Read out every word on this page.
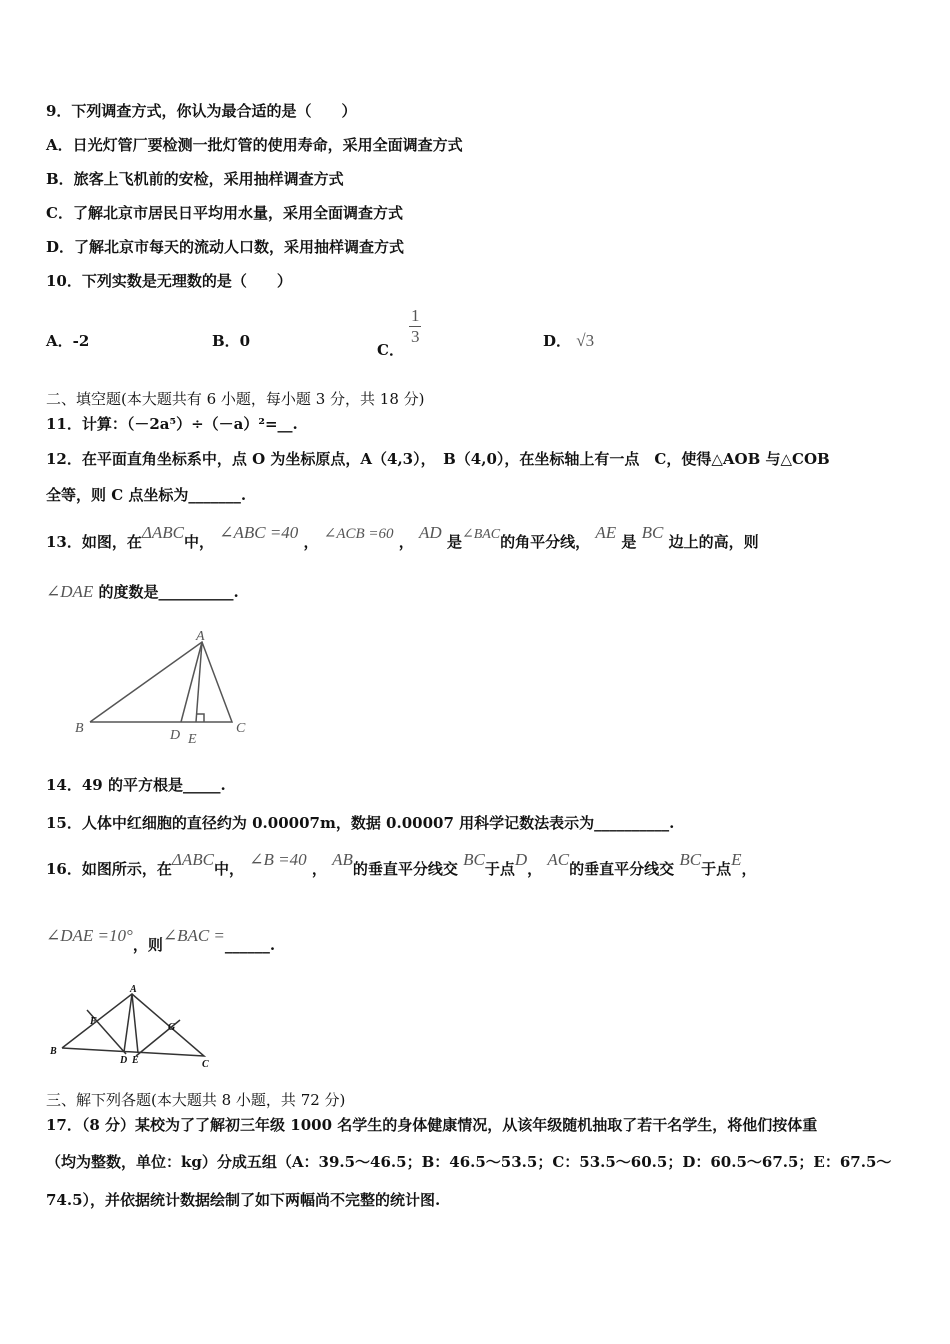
9．下列调查方式，你认为最合适的是（　　）
A．日光灯管厂要检测一批灯管的使用寿命，采用全面调查方式
B．旅客上飞机前的安检，采用抽样调查方式
C．了解北京市居民日平均用水量，采用全面调查方式
D．了解北京市每天的流动人口数，采用抽样调查方式
10．下列实数是无理数的是（　　）
A．-2	B．0	C．
$\frac{1}{3}$	D． √3
二、填空题(本大题共有 6 小题，每小题 3 分，共 18 分)
11．计算：（－2a⁵）÷（－a）²=__.
12．在平面直角坐标系中，点 O 为坐标原点，A（4,3），　B（4,0），在坐标轴上有一点　C，使得△AOB 与△COB
全等，则 C 点坐标为_______.
13．如图，在ΔABC中， ∠ABC =40 ， ∠ACB =60 ， AD 是∠BAC的角平分线， AE 是 BC 边上的高，则
∠DAE 的度数是__________.
A
B	C
D E
14．49 的平方根是_____.
15．人体中红细胞的直径约为 0.00007m，数据 0.00007 用科学记数法表示为__________.
16．如图所示，在ΔABC中， ∠B =40 ， AB的垂直平分线交 BC于点D， AC的垂直平分线交 BC于点E，
∠DAE =10°，则∠BAC =______.
A
B
C
D E
F
G
三、解下列各题(本大题共 8 小题，共 72 分)
17．（8 分）某校为了了解初三年级 1000 名学生的身体健康情况，从该年级随机抽取了若干名学生，将他们按体重
（均为整数，单位：kg）分成五组（A：39.5～46.5；B：46.5～53.5；C：53.5～60.5；D：60.5～67.5；E：67.5～
74.5），并依据统计数据绘制了如下两幅尚不完整的统计图.
